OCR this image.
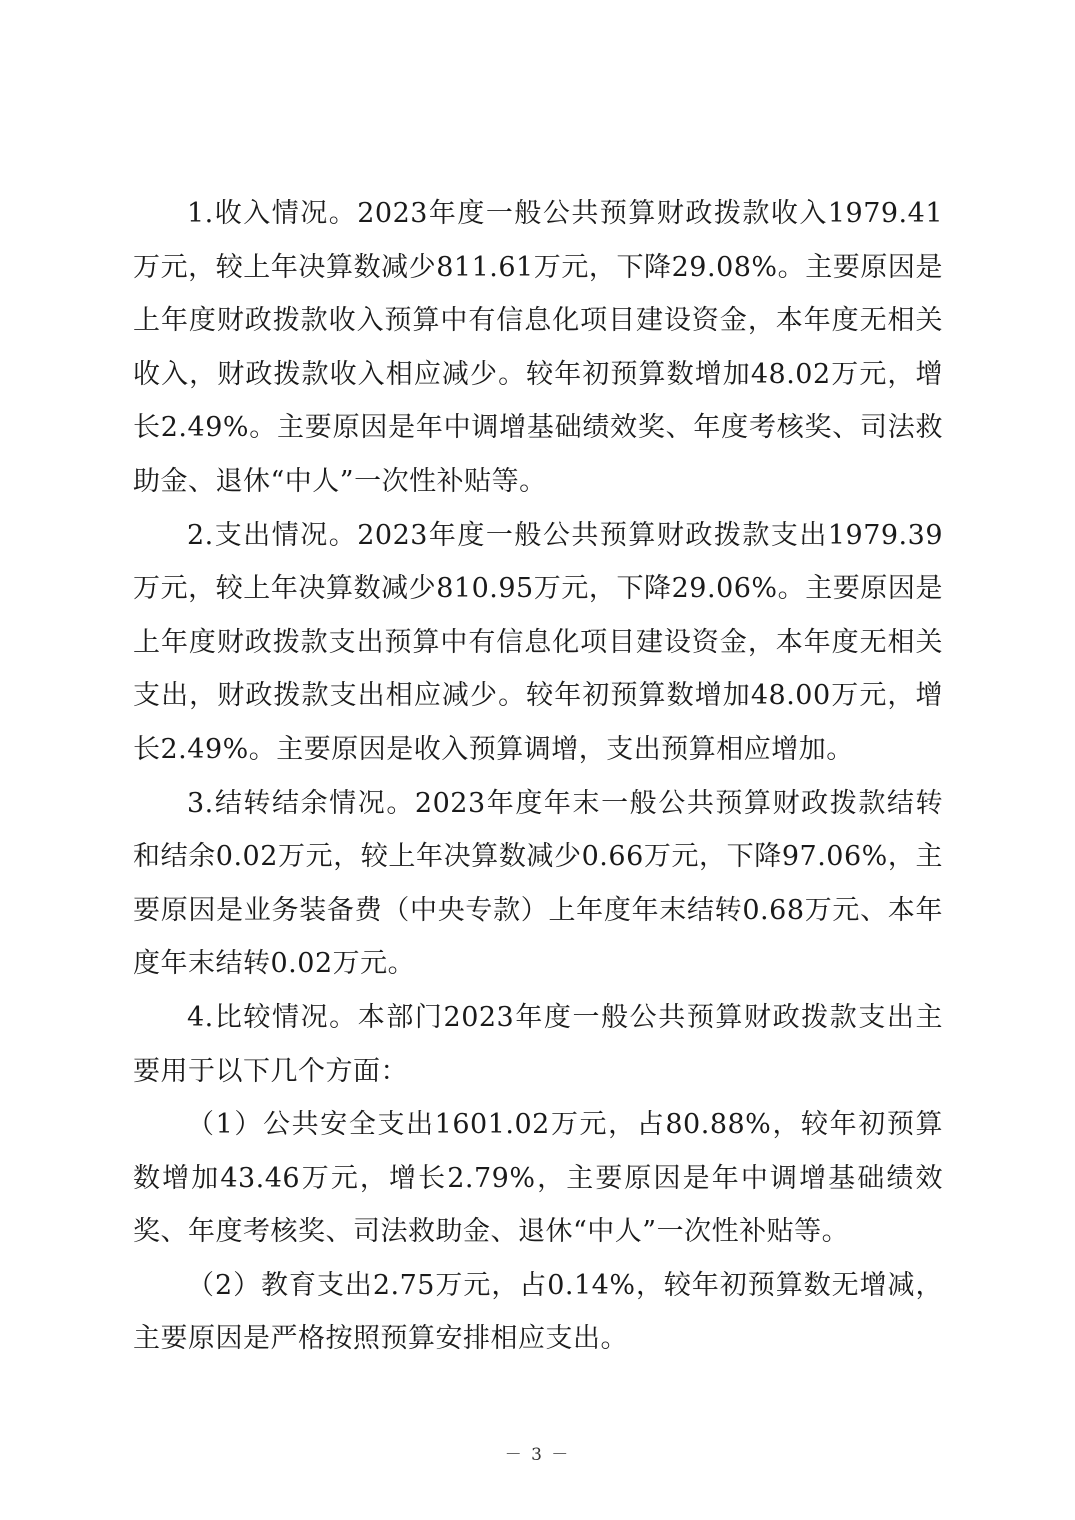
1.收入情况。2023年度一般公共预算财政拨款收入1979.41万元，较上年决算数减少811.61万元，下降29.08%。主要原因是上年度财政拨款收入预算中有信息化项目建设资金，本年度无相关收入，财政拨款收入相应减少。较年初预算数增加48.02万元，增长2.49%。主要原因是年中调增基础绩效奖、年度考核奖、司法救助金、退休“中人”一次性补贴等。

2.支出情况。2023年度一般公共预算财政拨款支出1979.39万元，较上年决算数减少810.95万元，下降29.06%。主要原因是上年度财政拨款支出预算中有信息化项目建设资金，本年度无相关支出，财政拨款支出相应减少。较年初预算数增加48.00万元，增长2.49%。主要原因是收入预算调增，支出预算相应增加。

3.结转结余情况。2023年度年末一般公共预算财政拨款结转和结余0.02万元，较上年决算数减少0.66万元，下降97.06%，主要原因是业务装备费（中央专款）上年度年末结转0.68万元、本年度年末结转0.02万元。

4.比较情况。本部门2023年度一般公共预算财政拨款支出主要用于以下几个方面：

（1）公共安全支出1601.02万元，占80.88%，较年初预算数增加43.46万元，增长2.79%，主要原因是年中调增基础绩效奖、年度考核奖、司法救助金、退休“中人”一次性补贴等。

（2）教育支出2.75万元，占0.14%，较年初预算数无增减，主要原因是严格按照预算安排相应支出。

－ 3 －
